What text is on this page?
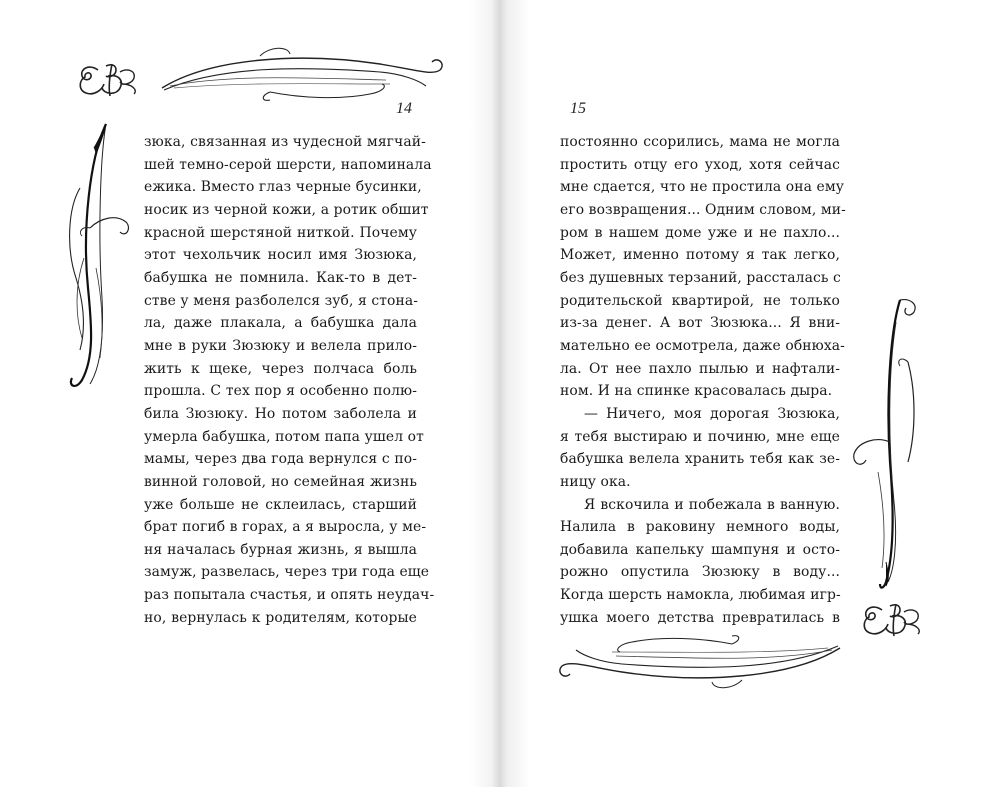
14
зюка, связанная из чудесной мягчай-
шей темно-серой шерсти, напоминала
ежика. Вместо глаз черные бусинки,
носик из черной кожи, а ротик обшит
красной шерстяной ниткой. Почему
этот чехольчик носил имя Зюзюка,
бабушка не помнила. Как-то в дет-
стве у меня разболелся зуб, я стона-
ла, даже плакала, а бабушка дала
мне в руки Зюзюку и велела прило-
жить к щеке, через полчаса боль
прошла. С тех пор я особенно полю-
била Зюзюку. Но потом заболела и
умерла бабушка, потом папа ушел от
мамы, через два года вернулся с по-
винной головой, но семейная жизнь
уже больше не склеилась, старший
брат погиб в горах, а я выросла, у ме-
ня началась бурная жизнь, я вышла
замуж, развелась, через три года еще
раз попытала счастья, и опять неудач-
но, вернулась к родителям, которые
15
постоянно ссорились, мама не могла
простить отцу его уход, хотя сейчас
мне сдается, что не простила она ему
его возвращения... Одним словом, ми-
ром в нашем доме уже и не пахло...
Может, именно потому я так легко,
без душевных терзаний, рассталась с
родительской квартирой, не только
из-за денег. А вот Зюзюка... Я вни-
мательно ее осмотрела, даже обнюха-
ла. От нее пахло пылью и нафтали-
ном. И на спинке красовалась дыра.
— Ничего, моя дорогая Зюзюка,
я тебя выстираю и починю, мне еще
бабушка велела хранить тебя как зе-
ницу ока.
Я вскочила и побежала в ванную.
Налила в раковину немного воды,
добавила капельку шампуня и осто-
рожно опустила Зюзюку в воду...
Когда шерсть намокла, любимая игр-
ушка моего детства превратилась в
